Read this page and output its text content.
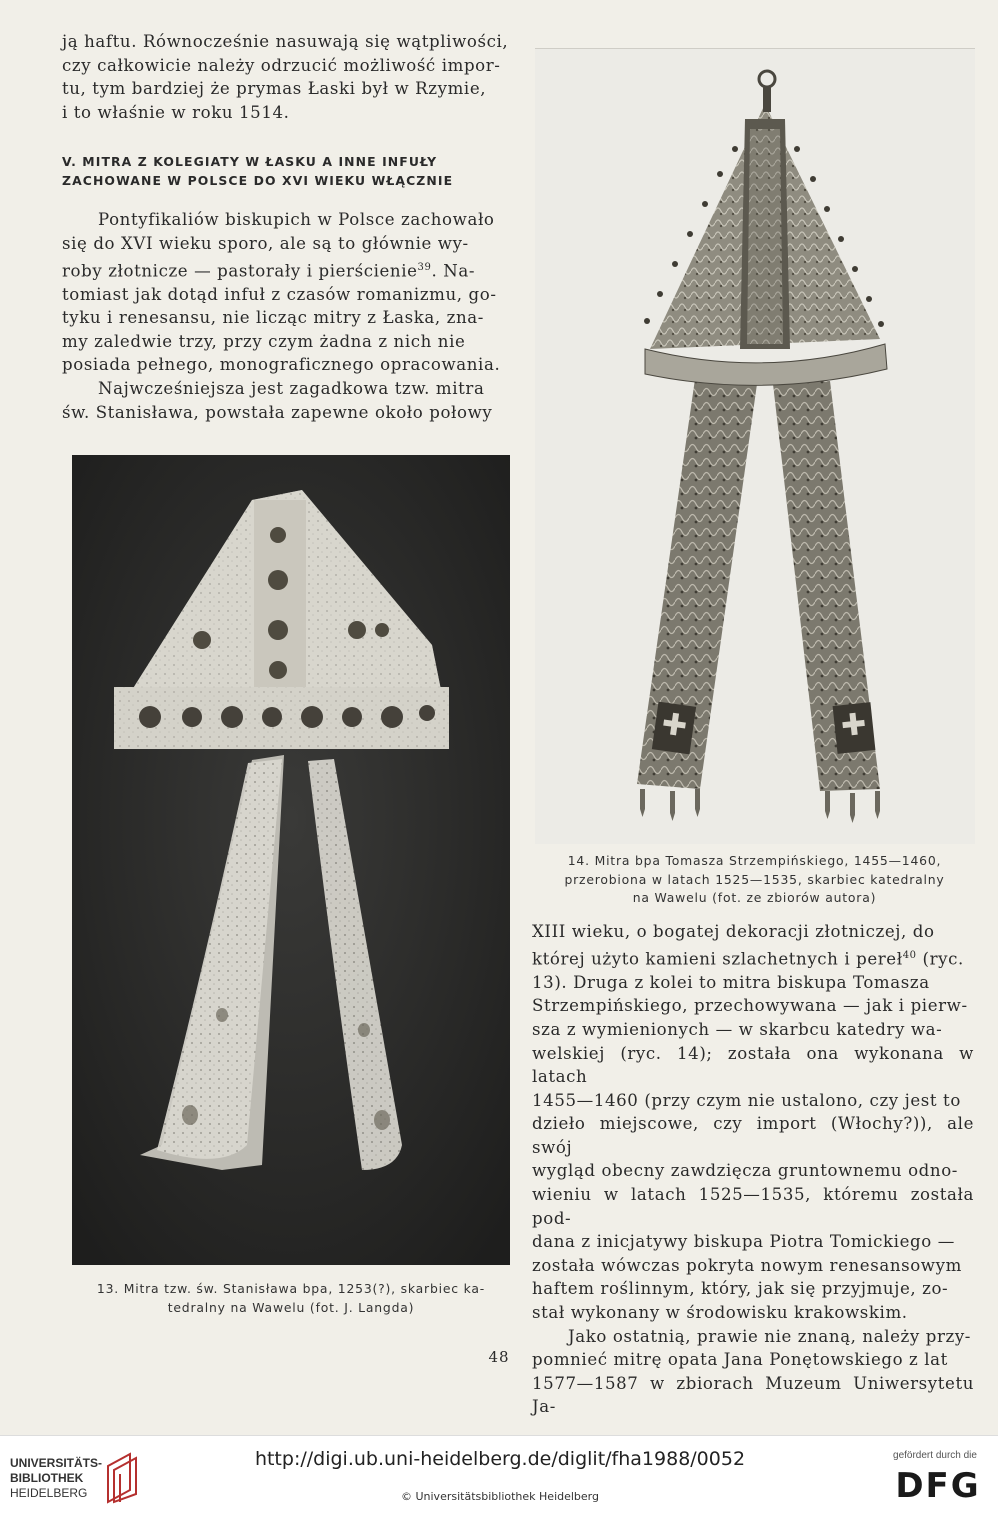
ją haftu. Równocześnie nasuwają się wątpliwości,
czy całkowicie należy odrzucić możliwość impor-
tu, tym bardziej że prymas Łaski był w Rzymie,
i to właśnie w roku 1514.

V. MITRA Z KOLEGIATY W ŁASKU A INNE INFUŁY
ZACHOWANE W POLSCE DO XVI WIEKU WŁĄCZNIE

Pontyfikaliów biskupich w Polsce zachowało
się do XVI wieku sporo, ale są to głównie wy-
roby złotnicze — pastorały i pierścienie$^{39}$. Na-
tomiast jak dotąd infuł z czasów romanizmu, go-
tyku i renesansu, nie licząc mitry z Łaska, zna-
my zaledwie trzy, przy czym żadna z nich nie
posiada pełnego, monograficznego opracowania.

Najwcześniejsza jest zagadkowa tzw. mitra
św. Stanisława, powstała zapewne około połowy

13. Mitra tzw. św. Stanisława bpa, 1253(?), skarbiec ka-
tedralny na Wawelu (fot. J. Langda)
14. Mitra bpa Tomasza Strzempińskiego, 1455—1460,
przerobiona w latach 1525—1535, skarbiec katedralny
na Wawelu (fot. ze zbiorów autora)

XIII wieku, o bogatej dekoracji złotniczej, do
której użyto kamieni szlachetnych i pereł$^{40}$ (ryc.
13). Druga z kolei to mitra biskupa Tomasza
Strzempińskiego, przechowywana — jak i pierw-
sza z wymienionych — w skarbcu katedry wa-
welskiej (ryc. 14); została ona wykonana w latach
1455—1460 (przy czym nie ustalono, czy jest to
dzieło miejscowe, czy import (Włochy?)), ale swój
wygląd obecny zawdzięcza gruntownemu odno-
wieniu w latach 1525—1535, któremu została pod-
dana z inicjatywy biskupa Piotra Tomickiego —
została wówczas pokryta nowym renesansowym
haftem roślinnym, który, jak się przyjmuje, zo-
stał wykonany w środowisku krakowskim.

Jako ostatnią, prawie nie znaną, należy przy-
pomnieć mitrę opata Jana Ponętowskiego z lat
1577—1587 w zbiorach Muzeum Uniwersytetu Ja-

48
UNIVERSITÄTS-
BIBLIOTHEK
HEIDELBERG
http://digi.ub.uni-heidelberg.de/diglit/fha1988/0052
© Universitätsbibliothek Heidelberg
gefördert durch die
DFG
